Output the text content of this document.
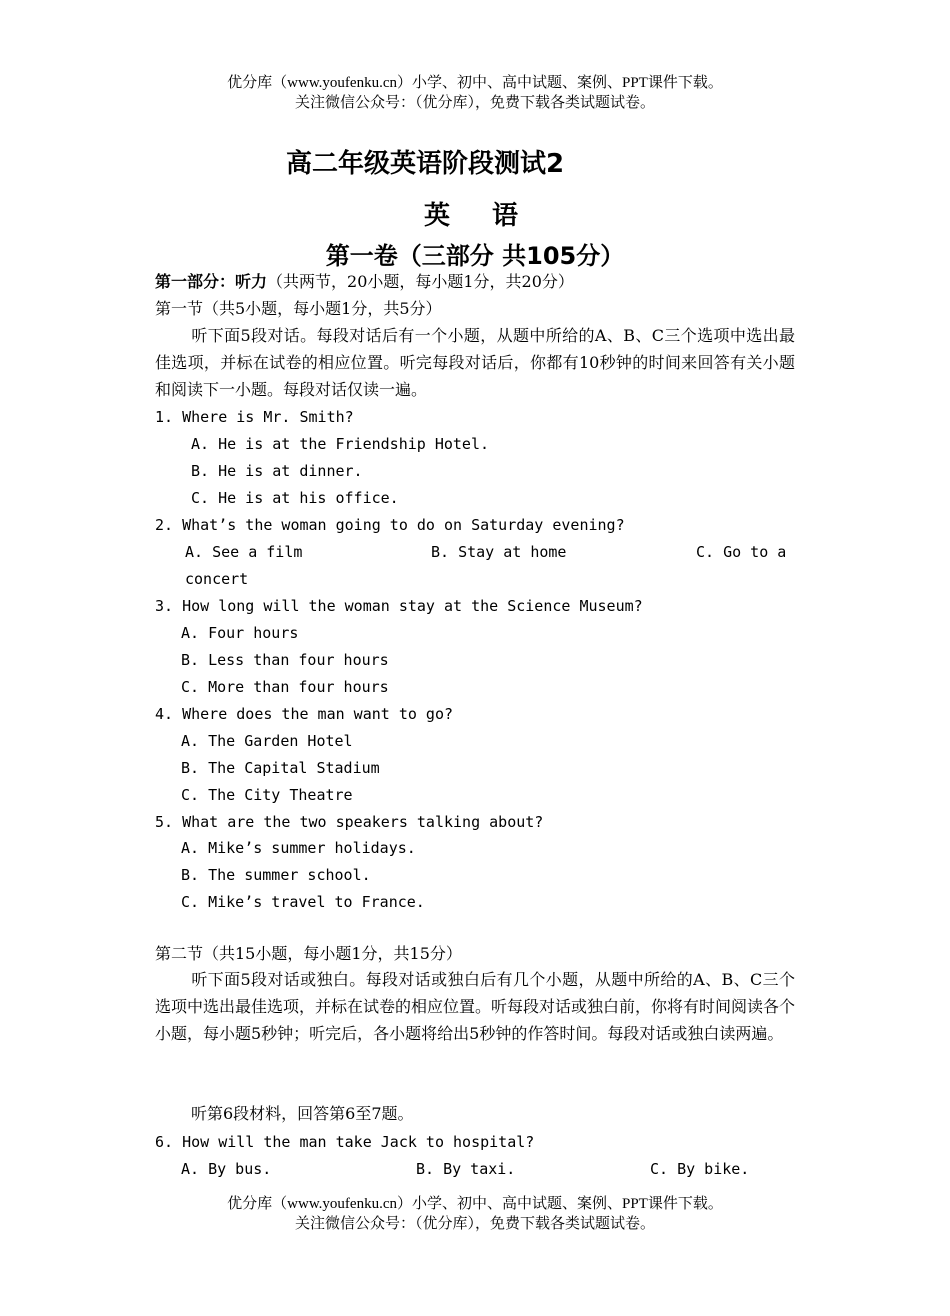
优分库（www.youfenku.cn）小学、初中、高中试题、案例、PPT课件下载。
关注微信公众号：（优分库），免费下载各类试题试卷。
高二年级英语阶段测试2
英　语
第一卷（三部分 共105分）
第一部分：听力（共两节，20小题，每小题1分，共20分）
第一节（共5小题，每小题1分，共5分）
听下面5段对话。每段对话后有一个小题，从题中所给的A、B、C三个选项中选出最佳选项，并标在试卷的相应位置。听完每段对话后，你都有10秒钟的时间来回答有关小题和阅读下一小题。每段对话仅读一遍。
1. Where is Mr. Smith?
A. He is at the Friendship Hotel.
B. He is at dinner.
C. He is at his office.
2. What’s the woman going to do on Saturday evening?
A. See a film	B. Stay at home	C. Go to a
concert
3. How long will the woman stay at the Science Museum?
A. Four hours
B. Less than four hours
C. More than four hours
4. Where does the man want to go?
A. The Garden Hotel
B. The Capital Stadium
C. The City Theatre
5. What are the two speakers talking about?
A. Mike’s summer holidays.
B. The summer school.
C. Mike’s travel to France.
第二节（共15小题，每小题1分，共15分）
听下面5段对话或独白。每段对话或独白后有几个小题，从题中所给的A、B、C三个选项中选出最佳选项，并标在试卷的相应位置。听每段对话或独白前，你将有时间阅读各个小题，每小题5秒钟；听完后，各小题将给出5秒钟的作答时间。每段对话或独白读两遍。
听第6段材料，回答第6至7题。
6. How will the man take Jack to hospital?
A. By bus.	B. By taxi.	C. By bike.
优分库（www.youfenku.cn）小学、初中、高中试题、案例、PPT课件下载。
关注微信公众号：（优分库），免费下载各类试题试卷。
